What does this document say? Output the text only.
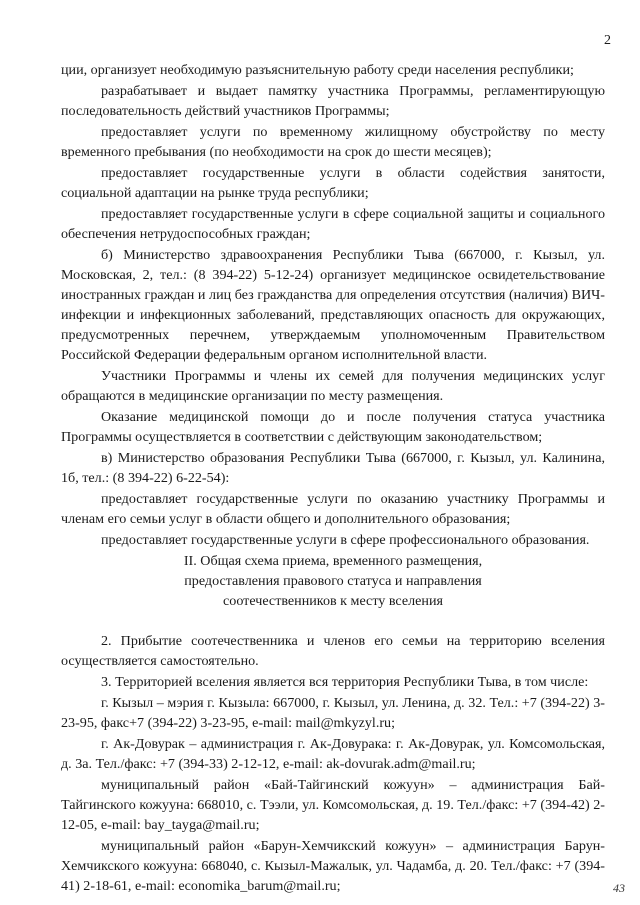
2

ции, организует необходимую разъяснительную работу среди населения республики;

разрабатывает и выдает памятку участника Программы, регламентирующую последовательность действий участников Программы;

предоставляет услуги по временному жилищному обустройству по месту временного пребывания (по необходимости на срок до шести месяцев);

предоставляет государственные услуги в области содействия занятости, социальной адаптации на рынке труда республики;

предоставляет государственные услуги в сфере социальной защиты и социального обеспечения нетрудоспособных граждан;

б) Министерство здравоохранения Республики Тыва (667000, г. Кызыл, ул. Московская, 2, тел.: (8 394-22) 5-12-24) организует медицинское освидетельствование иностранных граждан и лиц без гражданства для определения отсутствия (наличия) ВИЧ-инфекции и инфекционных заболеваний, представляющих опасность для окружающих, предусмотренных перечнем, утверждаемым уполномоченным Правительством Российской Федерации федеральным органом исполнительной власти.

Участники Программы и члены их семей для получения медицинских услуг обращаются в медицинские организации по месту размещения.

Оказание медицинской помощи до и после получения статуса участника Программы осуществляется в соответствии с действующим законодательством;

в) Министерство образования Республики Тыва (667000, г. Кызыл, ул. Калинина, 1б, тел.: (8 394-22) 6-22-54):

предоставляет государственные услуги по оказанию участнику Программы и членам его семьи услуг в области общего и дополнительного образования;

предоставляет государственные услуги в сфере профессионального образования.

II. Общая схема приема, временного размещения,
предоставления правового статуса и направления
соотечественников к месту вселения

2. Прибытие соотечественника и членов его семьи на территорию вселения осуществляется самостоятельно.

3. Территорией вселения является вся территория Республики Тыва, в том числе:

г. Кызыл – мэрия г. Кызыла: 667000, г. Кызыл, ул. Ленина, д. 32. Тел.: +7 (394-22) 3-23-95, факс+7 (394-22) 3-23-95, e-mail: mail@mkyzyl.ru;

г. Ак-Довурак – администрация г. Ак-Довурака: г. Ак-Довурак, ул. Комсомольская, д. 3а. Тел./факс: +7 (394-33) 2-12-12, e-mail: ak-dovurak.adm@mail.ru;

муниципальный район «Бай-Тайгинский кожуун» – администрация Бай-Тайгинского кожууна: 668010, с. Тээли, ул. Комсомольская, д. 19. Тел./факс: +7 (394-42) 2-12-05, e-mail: bay_tayga@mail.ru;

муниципальный район «Барун-Хемчикский кожуун» – администрация Барун-Хемчикского кожууна: 668040, с. Кызыл-Мажалык, ул. Чадамба, д. 20. Тел./факс: +7 (394-41) 2-18-61, e-mail: economika_barum@mail.ru;	43
